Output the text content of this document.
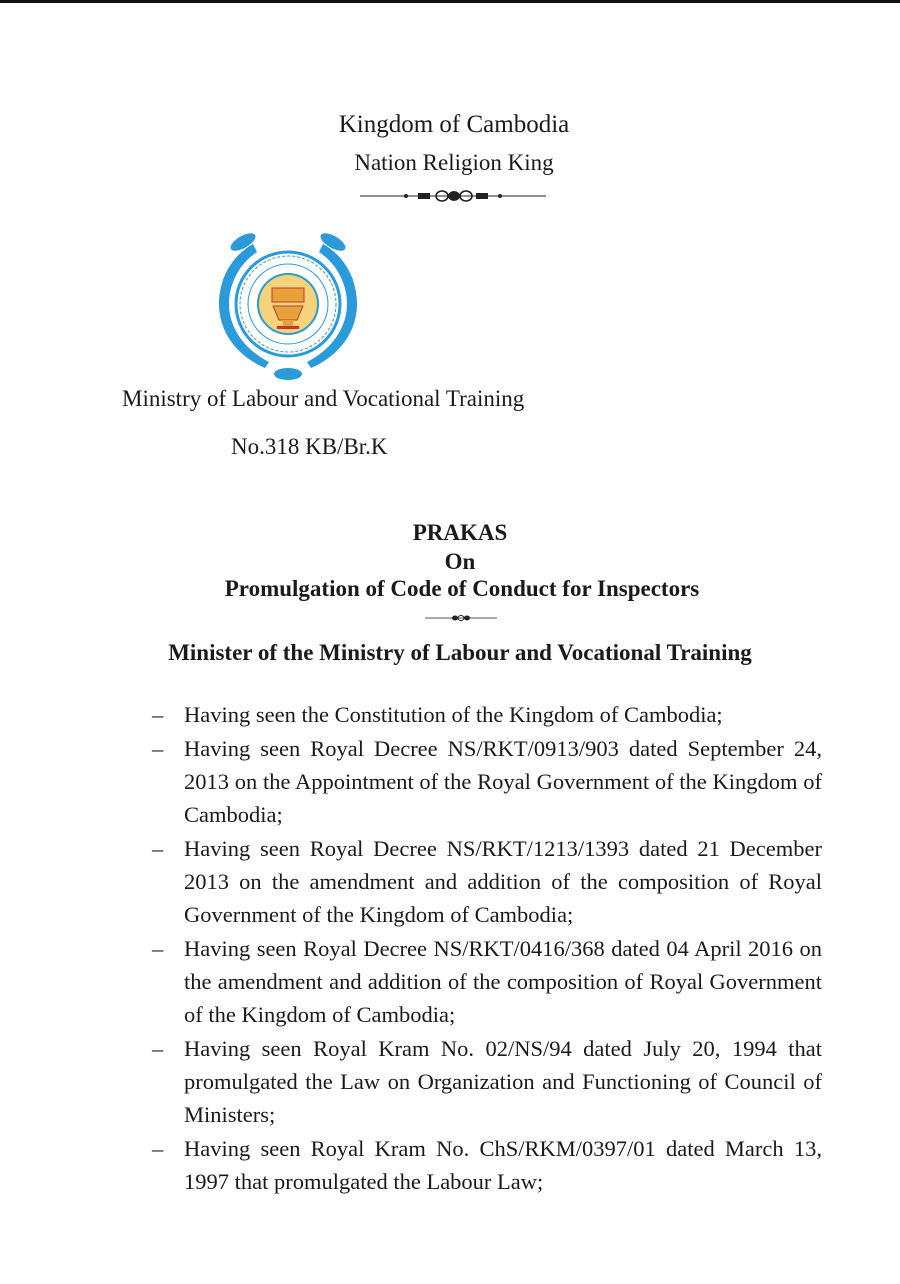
Kingdom of Cambodia
Nation Religion King
Ministry of Labour and Vocational Training
No.318 KB/Br.K
PRAKAS
On
Promulgation of Code of Conduct for Inspectors
Minister of the Ministry of Labour and Vocational Training
– Having seen the Constitution of the Kingdom of Cambodia;
– Having seen Royal Decree NS/RKT/0913/903 dated September 24, 2013 on the Appointment of the Royal Government of the Kingdom of Cambodia;
– Having seen Royal Decree NS/RKT/1213/1393 dated 21 December 2013 on the amendment and addition of the composition of Royal Government of the Kingdom of Cambodia;
– Having seen Royal Decree NS/RKT/0416/368 dated 04 April 2016 on the amendment and addition of the composition of Royal Government of the Kingdom of Cambodia;
– Having seen Royal Kram No. 02/NS/94 dated July 20, 1994 that promulgated the Law on Organization and Functioning of Council of Ministers;
– Having seen Royal Kram No. ChS/RKM/0397/01 dated March 13, 1997 that promulgated the Labour Law;
